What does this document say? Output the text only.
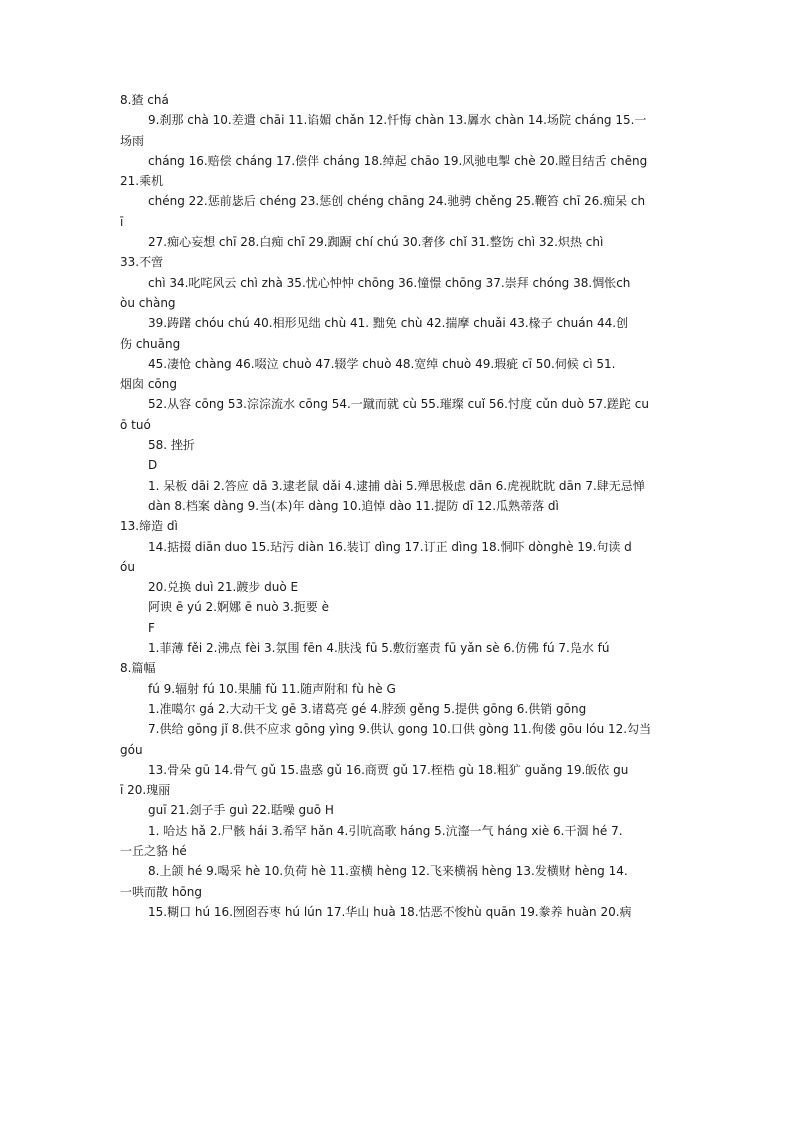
8.猹 chá
9.刹那 chà 10.差遣 chāi 11.谄媚 chǎn 12.忏悔 chàn 13.羼水 chàn 14.场院 cháng 15.一
场雨
cháng 16.赔偿 cháng 17.偿伴 cháng 18.绰起 chāo 19.风驰电掣 chè 20.瞠目结舌 chēng
21.乘机
chéng 22.惩前毖后 chéng 23.惩创 chéng chāng 24.驰骋 chěng 25.鞭笞 chī 26.痴呆 ch
ī
27.痴心妄想 chī 28.白痴 chī 29.踟蹰 chí chú 30.奢侈 chǐ 31.整饬 chì 32.炽热 chì
33.不啻
chì 34.叱咤风云 chì zhà 35.忧心忡忡 chōng 36.憧憬 chōng 37.崇拜 chóng 38.惆怅ch
òu chàng
39.踌躇 chóu chú 40.相形见绌 chù 41. 黜免 chù 42.揣摩 chuǎi 43.椽子 chuán 44.创
伤 chuāng
45.凄怆 chàng 46.啜泣 chuò 47.辍学 chuò 48.宽绰 chuò 49.瑕疵 cī 50.伺候 cì 51.
烟囱 cōng
52.从容 cōng 53.淙淙流水 cōng 54.一蹴而就 cù 55.璀璨 cuǐ 56.忖度 cǔn duò 57.蹉跎 cu
ō tuó
58. 挫折
D
1. 呆板 dāi 2.答应 dā 3.逮老鼠 dǎi 4.逮捕 dài 5.殚思极虑 dān 6.虎视眈眈 dān 7.肆无忌惮
dàn 8.档案 dàng 9.当(本)年 dàng 10.追悼 dào 11.提防 dī 12.瓜熟蒂落 dì
13.缔造 dì
14.掂掇 diān duo 15.玷污 diàn 16.装订 dìng 17.订正 dìng 18.恫吓 dònghè 19.句读 d
óu
20.兑换 duì 21.踱步 duò E
阿谀 ē yú 2.婀娜 ē nuò 3.扼要 è
F
1.菲薄 fěi 2.沸点 fèi 3.氛围 fēn 4.肤浅 fū 5.敷衍塞责 fū yǎn sè 6.仿佛 fú 7.凫水 fú
8.篇幅
fú 9.辐射 fú 10.果脯 fǔ 11.随声附和 fù hè G
1.准噶尔 gá 2.大动干戈 gē 3.诸葛亮 gé 4.脖颈 gěng 5.提供 gōng 6.供销 gōng
7.供给 gōng jǐ 8.供不应求 gōng yìng 9.供认 gong 10.口供 gòng 11.佝偻 gōu lóu 12.勾当
góu
13.骨朵 gū 14.骨气 gǔ 15.蛊惑 gǔ 16.商贾 gǔ 17.桎梏 gù 18.粗犷 guǎng 19.皈依 gu
ī 20.瑰丽
guī 21.刽子手 guì 22.聒噪 guō H
1. 哈达 hǎ 2.尸骸 hái 3.希罕 hǎn 4.引吭高歌 háng 5.沆瀣一气 háng xiè 6.干涸 hé 7.
一丘之貉 hé
8.上颌 hé 9.喝采 hè 10.负荷 hè 11.蛮横 hèng 12.飞来横祸 hèng 13.发横财 hèng 14.
一哄而散 hōng
15.糊口 hú 16.囫囵吞枣 hú lún 17.华山 huà 18.怙恶不悛hù quān 19.豢养 huàn 20.病
